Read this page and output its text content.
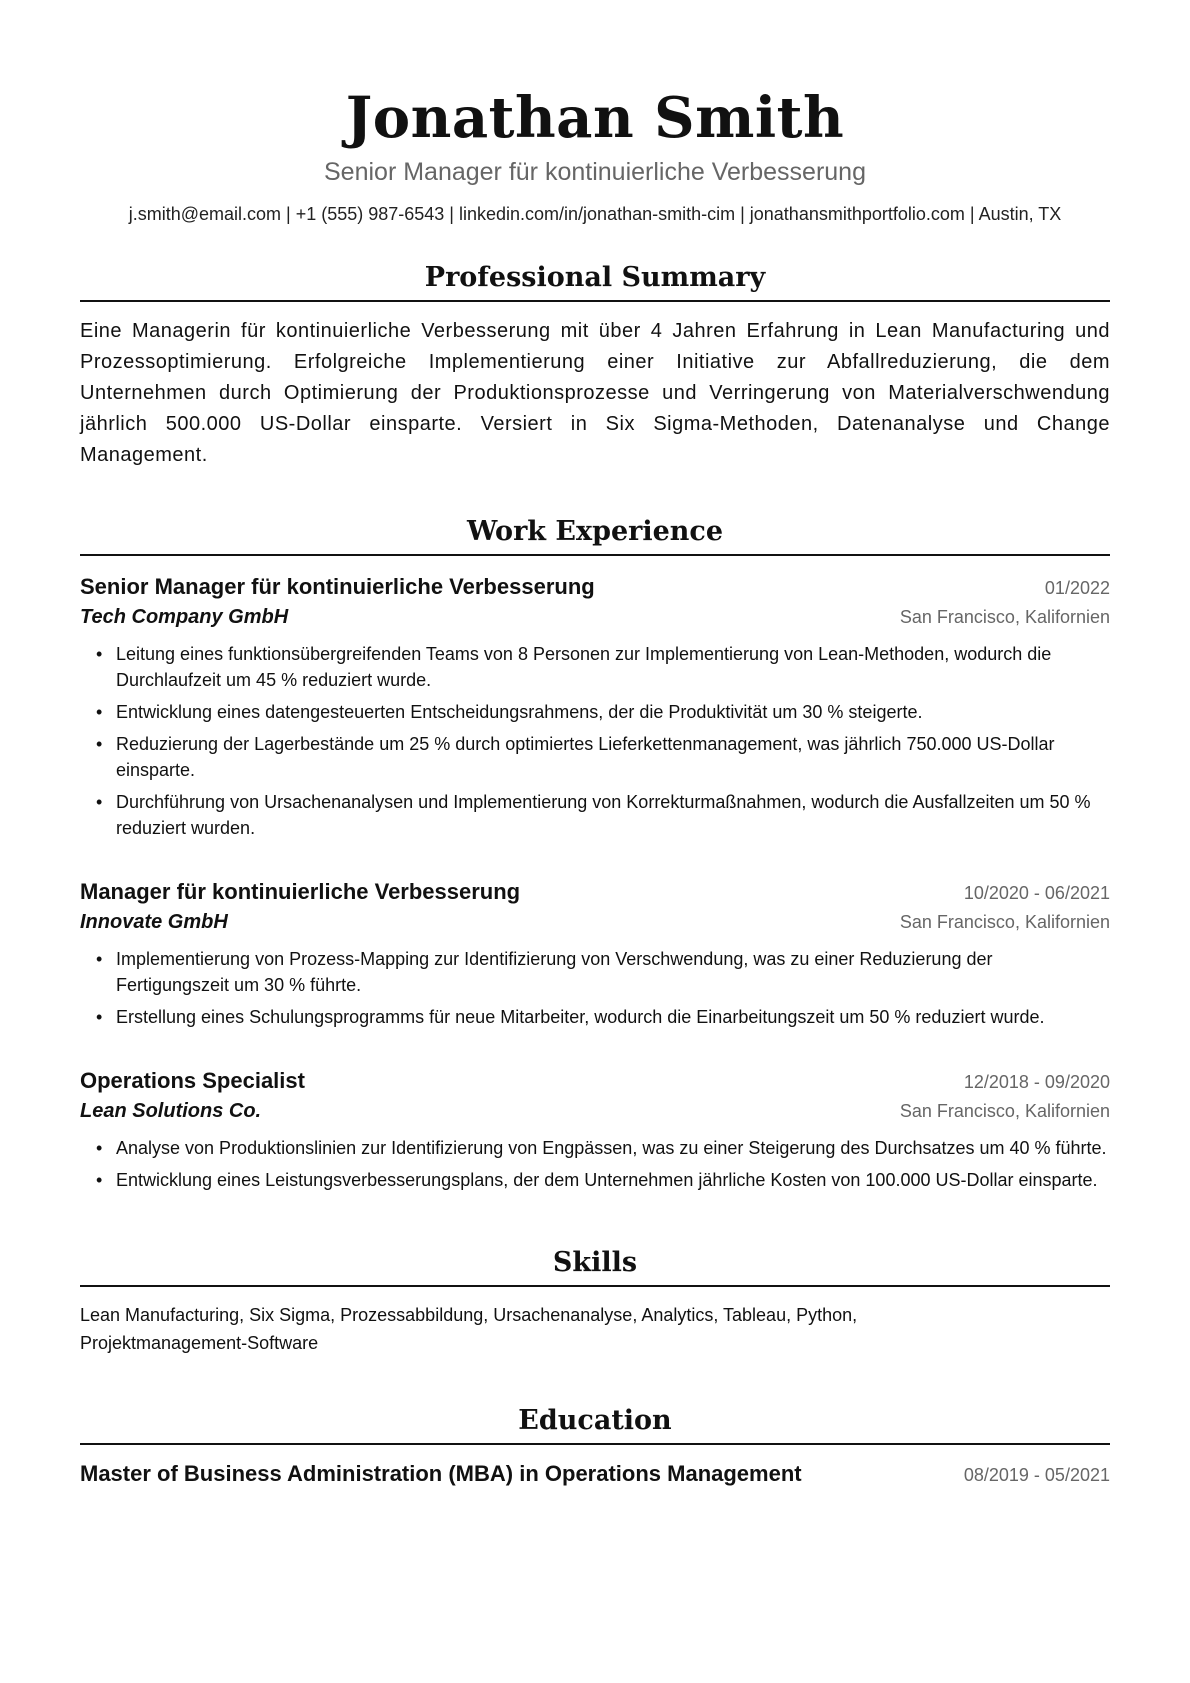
Jonathan Smith
Senior Manager für kontinuierliche Verbesserung
j.smith@email.com | +1 (555) 987-6543 | linkedin.com/in/jonathan-smith-cim | jonathansmithportfolio.com | Austin, TX
Professional Summary
Eine Managerin für kontinuierliche Verbesserung mit über 4 Jahren Erfahrung in Lean Manufacturing und Prozessoptimierung. Erfolgreiche Implementierung einer Initiative zur Abfallreduzierung, die dem Unternehmen durch Optimierung der Produktionsprozesse und Verringerung von Materialverschwendung jährlich 500.000 US-Dollar einsparte. Versiert in Six Sigma-Methoden, Datenanalyse und Change Management.
Work Experience
Senior Manager für kontinuierliche Verbesserung	01/2022
Tech Company GmbH	San Francisco, Kalifornien
• Leitung eines funktionsübergreifenden Teams von 8 Personen zur Implementierung von Lean-Methoden, wodurch die Durchlaufzeit um 45 % reduziert wurde.
• Entwicklung eines datengesteuerten Entscheidungsrahmens, der die Produktivität um 30 % steigerte.
• Reduzierung der Lagerbestände um 25 % durch optimiertes Lieferkettenmanagement, was jährlich 750.000 US-Dollar einsparte.
• Durchführung von Ursachenanalysen und Implementierung von Korrekturmaßnahmen, wodurch die Ausfallzeiten um 50 % reduziert wurden.
Manager für kontinuierliche Verbesserung	10/2020 - 06/2021
Innovate GmbH	San Francisco, Kalifornien
• Implementierung von Prozess-Mapping zur Identifizierung von Verschwendung, was zu einer Reduzierung der Fertigungszeit um 30 % führte.
• Erstellung eines Schulungsprogramms für neue Mitarbeiter, wodurch die Einarbeitungszeit um 50 % reduziert wurde.
Operations Specialist	12/2018 - 09/2020
Lean Solutions Co.	San Francisco, Kalifornien
• Analyse von Produktionslinien zur Identifizierung von Engpässen, was zu einer Steigerung des Durchsatzes um 40 % führte.
• Entwicklung eines Leistungsverbesserungsplans, der dem Unternehmen jährliche Kosten von 100.000 US-Dollar einsparte.
Skills
Lean Manufacturing, Six Sigma, Prozessabbildung, Ursachenanalyse, Analytics, Tableau, Python, Projektmanagement-Software
Education
Master of Business Administration (MBA) in Operations Management	08/2019 - 05/2021
